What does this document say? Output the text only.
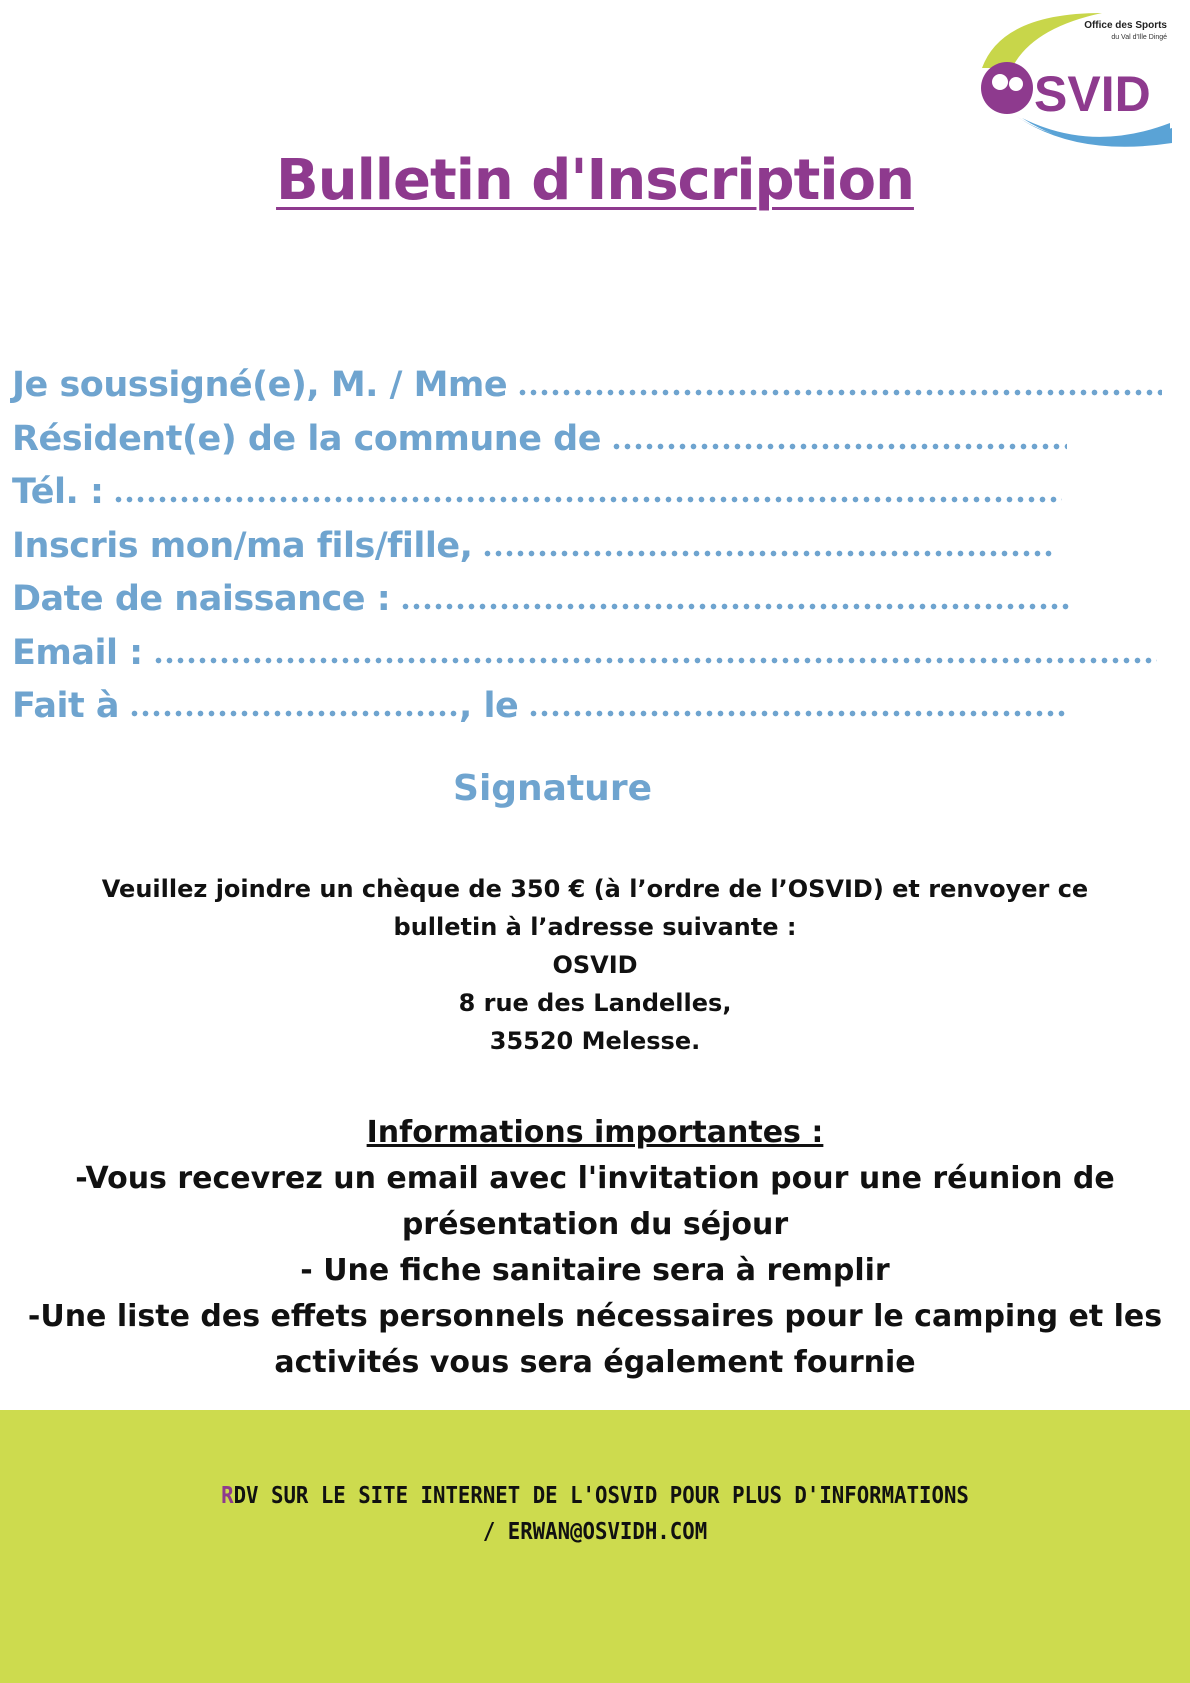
Office des Sports
du Val d'Ille Dingé
SVID
Bulletin d'Inscription
Je soussigné(e), M. / Mme
Résident(e) de la commune de
Tél. :
Inscris mon/ma fils/fille,
Date de naissance :
Email :
Fait à	, le
Signature
Veuillez joindre un chèque de 350 € (à l’ordre de l’OSVID) et renvoyer ce
bulletin à l’adresse suivante :
OSVID
8 rue des Landelles,
35520 Melesse.
Informations importantes :
-Vous recevrez un email avec l'invitation pour une réunion de présentation du séjour
- Une fiche sanitaire sera à remplir
-Une liste des effets personnels nécessaires pour le camping et les activités vous sera également fournie
RDV SUR LE SITE INTERNET DE L'OSVID POUR PLUS D'INFORMATIONS
/ ERWAN@OSVIDH.COM
